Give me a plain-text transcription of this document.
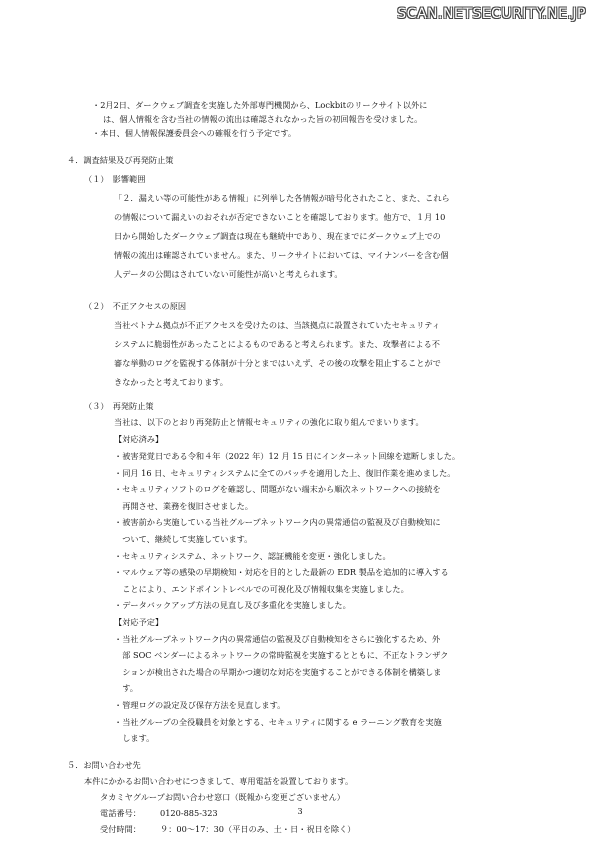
SCAN.NETSECURITY.NE.JP
・2月2日、ダークウェブ調査を実施した外部専門機関から、Lockbitのリークサイト以外に
は、個人情報を含む当社の情報の流出は確認されなかった旨の初回報告を受けました。
・本日、個人情報保護委員会への確報を行う予定です。
４．調査結果及び再発防止策
（１）　影響範囲
「２．漏えい等の可能性がある情報」に列挙した各情報が暗号化されたこと、また、これら
の情報について漏えいのおそれが否定できないことを確認しております。他方で、１月 10
日から開始したダークウェブ調査は現在も継続中であり、現在までにダークウェブ上での
情報の流出は確認されていません。また、リークサイトにおいては、マイナンバーを含む個
人データの公開はされていない可能性が高いと考えられます。
（２）　不正アクセスの原因
当社ベトナム拠点が不正アクセスを受けたのは、当該拠点に設置されていたセキュリティ
システムに脆弱性があったことによるものであると考えられます。また、攻撃者による不
審な挙動のログを監視する体制が十分とまではいえず、その後の攻撃を阻止することがで
きなかったと考えております。
（３）　再発防止策
当社は、以下のとおり再発防止と情報セキュリティの強化に取り組んでまいります。
【対応済み】
・被害発覚日である令和４年（2022 年）12 月 15 日にインターネット回線を遮断しました。
・同月 16 日、セキュリティシステムに全てのパッチを適用した上、復旧作業を進めました。
・セキュリティソフトのログを確認し、問題がない端末から順次ネットワークへの接続を
　再開させ、業務を復旧させました。
・被害前から実施している当社グループネットワーク内の異常通信の監視及び自動検知に
　ついて、継続して実施しています。
・セキュリティシステム、ネットワーク、認証機能を変更・強化しました。
・マルウェア等の感染の早期検知・対応を目的とした最新の EDR 製品を追加的に導入する
　ことにより、エンドポイントレベルでの可視化及び情報収集を実施しました。
・データバックアップ方法の見直し及び多重化を実施しました。
【対応予定】
・当社グループネットワーク内の異常通信の監視及び自動検知をさらに強化するため、外
　部 SOC ベンダーによるネットワークの常時監視を実施するとともに、不正なトランザク
　ションが検出された場合の早期かつ適切な対応を実施することができる体制を構築しま
　す。
・管理ログの設定及び保存方法を見直します。
・当社グループの全役職員を対象とする、セキュリティに関する e ラーニング教育を実施
　します。
５．お問い合わせ先
本件にかかるお問い合わせにつきまして、専用電話を設置しております。
タカミヤグループお問い合わせ窓口（既報から変更ございません）
電話番号： 0120-885-323
受付時間： ９：00～17：30（平日のみ、土・日・祝日を除く）
3
